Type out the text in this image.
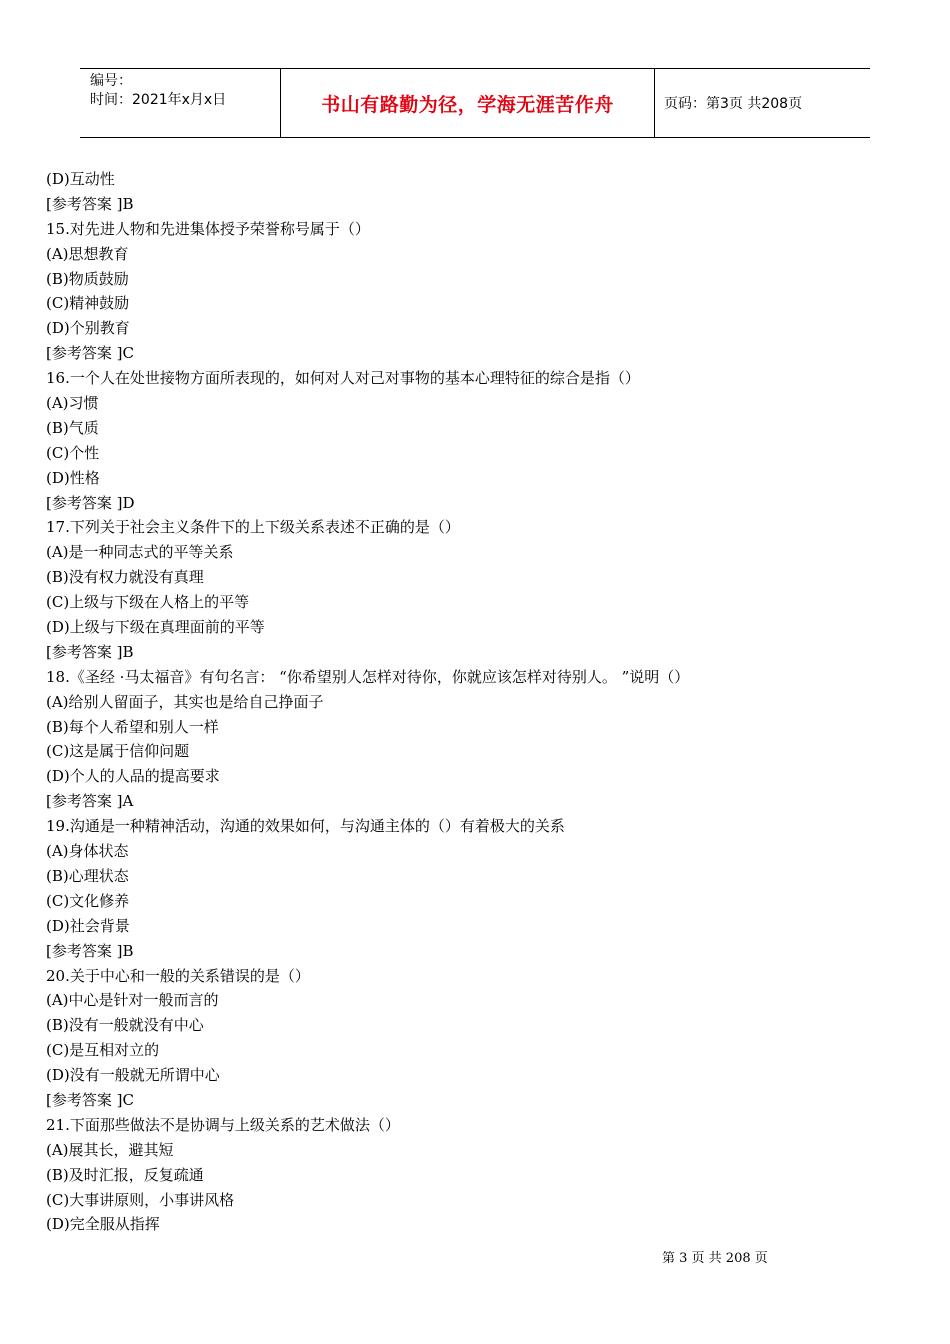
编号：
时间：2021年x月x日	书山有路勤为径，学海无涯苦作舟	页码：第3页 共208页
(D)互动性
[参考答案 ]B
15.对先进人物和先进集体授予荣誉称号属于（）
(A)思想教育
(B)物质鼓励
(C)精神鼓励
(D)个别教育
[参考答案 ]C
16.一个人在处世接物方面所表现的，如何对人对己对事物的基本心理特征的综合是指（）
(A)习惯
(B)气质
(C)个性
(D)性格
[参考答案 ]D
17.下列关于社会主义条件下的上下级关系表述不正确的是（）
(A)是一种同志式的平等关系
(B)没有权力就没有真理
(C)上级与下级在人格上的平等
(D)上级与下级在真理面前的平等
[参考答案 ]B
18.《圣经 ·马太福音》有句名言： “你希望别人怎样对待你，你就应该怎样对待别人。 ”说明（）
(A)给别人留面子，其实也是给自己挣面子
(B)每个人希望和别人一样
(C)这是属于信仰问题
(D)个人的人品的提高要求
[参考答案 ]A
19.沟通是一种精神活动，沟通的效果如何，与沟通主体的（）有着极大的关系
(A)身体状态
(B)心理状态
(C)文化修养
(D)社会背景
[参考答案 ]B
20.关于中心和一般的关系错误的是（）
(A)中心是针对一般而言的
(B)没有一般就没有中心
(C)是互相对立的
(D)没有一般就无所谓中心
[参考答案 ]C
21.下面那些做法不是协调与上级关系的艺术做法（）
(A)展其长，避其短
(B)及时汇报，反复疏通
(C)大事讲原则，小事讲风格
(D)完全服从指挥
第 3 页 共 208 页
